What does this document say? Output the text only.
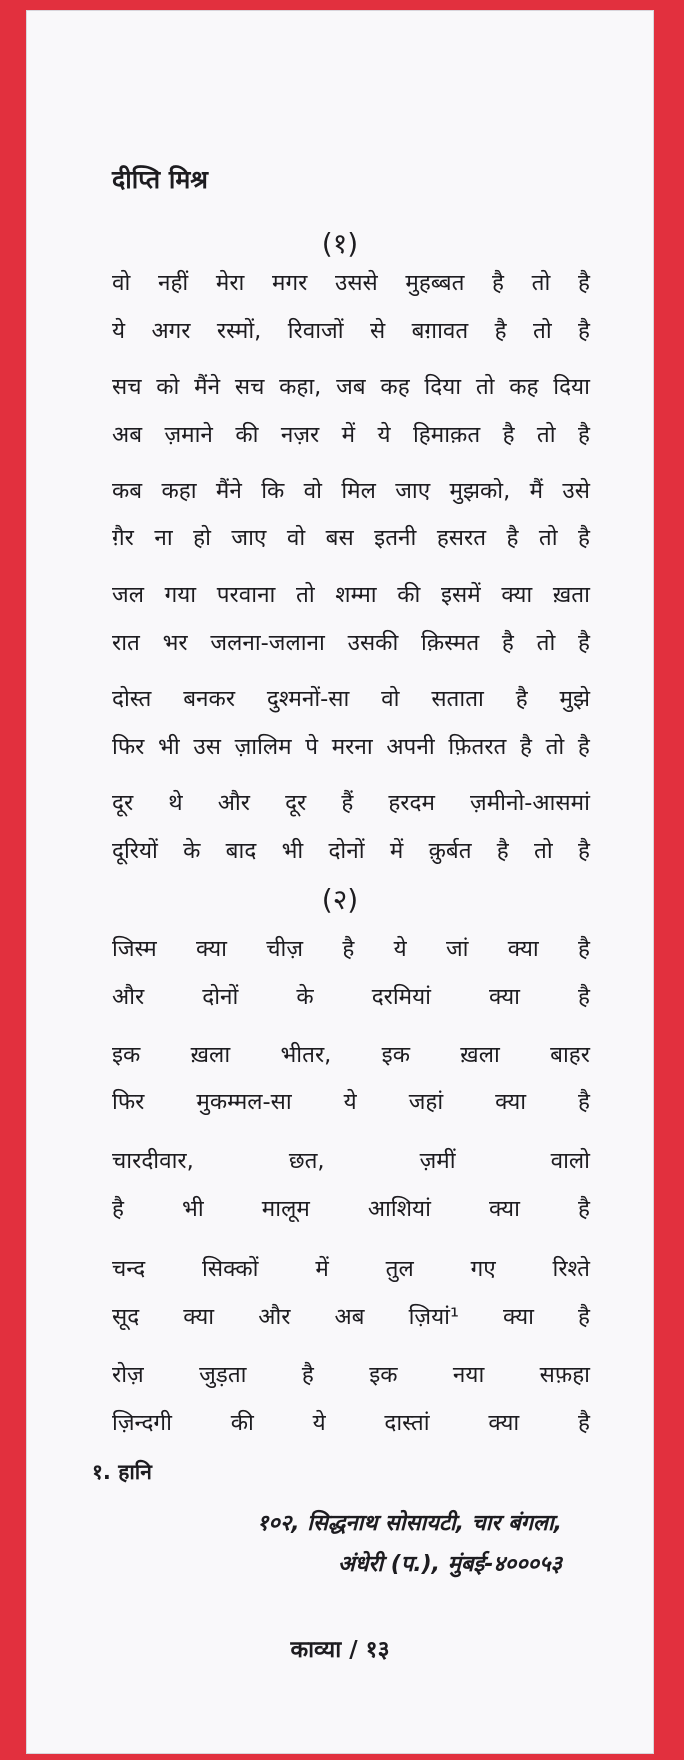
दीप्ति मिश्र
(१)
वो नहीं मेरा मगर उससे मुहब्बत है तो है
ये अगर रस्मों, रिवाजों से बग़ावत है तो है
सच को मैंने सच कहा, जब कह दिया तो कह दिया
अब ज़माने की नज़र में ये हिमाक़त है तो है
कब कहा मैंने कि वो मिल जाए मुझको, मैं उसे
ग़ैर ना हो जाए वो बस इतनी हसरत है तो है
जल गया परवाना तो शम्मा की इसमें क्या ख़ता
रात भर जलना-जलाना उसकी क़िस्मत है तो है
दोस्त बनकर दुश्मनों-सा वो सताता है मुझे
फिर भी उस ज़ालिम पे मरना अपनी फ़ितरत है तो है
दूर थे और दूर हैं हरदम ज़मीनो-आसमां
दूरियों के बाद भी दोनों में क़ुर्बत है तो है
(२)
जिस्म क्या चीज़ है ये जां क्या है
और	दोनों	के	दरमियां	क्या	है
इक ख़ला भीतर, इक ख़ला बाहर
फिर मुकम्मल-सा ये जहां क्या है
चारदीवार,	छत,	ज़मीं	वालो
है	भी	मालूम	आशियां	क्या	है
चन्द	सिक्कों	में	तुल	गए	रिश्ते
सूद क्या और अब ज़ियां¹ क्या है
रोज़ जुड़ता है इक नया सफ़हा
ज़िन्दगी	की	ये	दास्तां	क्या	है

१. हानि

१०२, सिद्धनाथ सोसायटी, चार बंगला,

अंधेरी (प.), मुंबई-४०००५३

काव्या / १३
